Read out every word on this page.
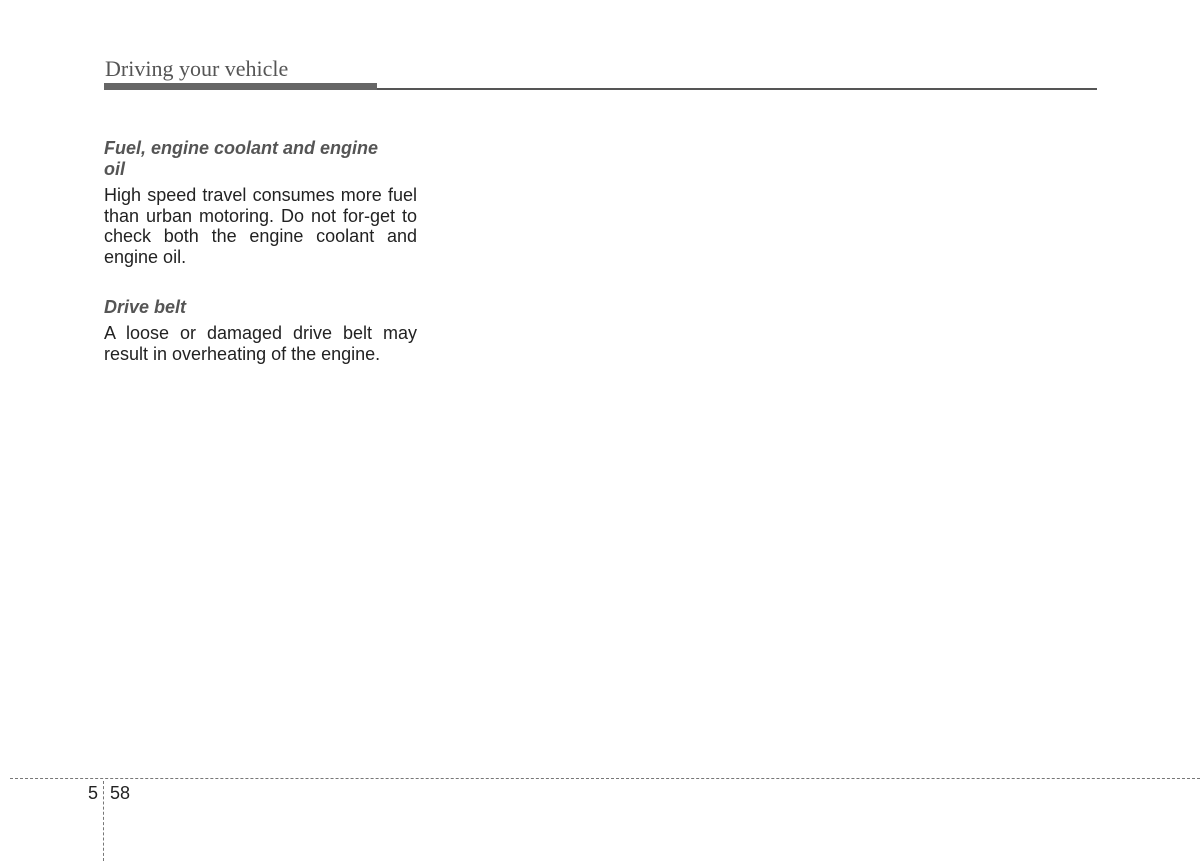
Driving your vehicle

Fuel, engine coolant and engine
oil

High speed travel consumes more fuel than urban motoring. Do not for-get to check both the engine coolant and engine oil.

Drive belt

A loose or damaged drive belt may result in overheating of the engine.

5 58
